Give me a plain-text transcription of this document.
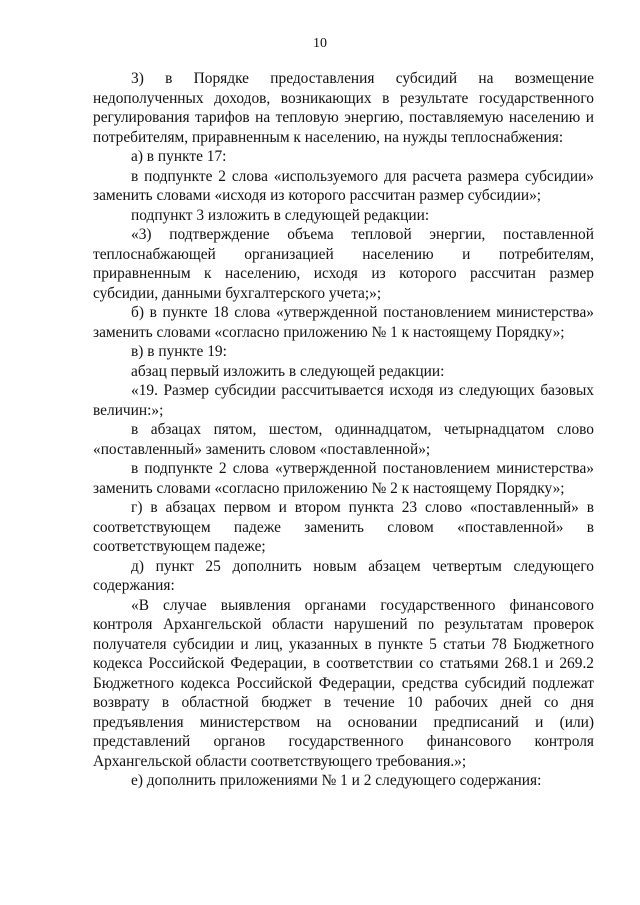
10

3) в Порядке предоставления субсидий на возмещение недополученных доходов, возникающих в результате государственного регулирования тарифов на тепловую энергию, поставляемую населению и потребителям, приравненным к населению, на нужды теплоснабжения:

а) в пункте 17:

в подпункте 2 слова «используемого для расчета размера субсидии» заменить словами «исходя из которого рассчитан размер субсидии»;

подпункт 3 изложить в следующей редакции:

«3) подтверждение объема тепловой энергии, поставленной теплоснабжающей организацией населению и потребителям, приравненным к населению, исходя из которого рассчитан размер субсидии, данными бухгалтерского учета;»;

б) в пункте 18 слова «утвержденной постановлением министерства» заменить словами «согласно приложению № 1 к настоящему Порядку»;

в) в пункте 19:

абзац первый изложить в следующей редакции:

«19. Размер субсидии рассчитывается исходя из следующих базовых величин:»;

в абзацах пятом, шестом, одиннадцатом, четырнадцатом слово «поставленный» заменить словом «поставленной»;

в подпункте 2 слова «утвержденной постановлением министерства» заменить словами «согласно приложению № 2 к настоящему Порядку»;

г) в абзацах первом и втором пункта 23 слово «поставленный» в соответствующем падеже заменить словом «поставленной» в соответствующем падеже;

д) пункт 25 дополнить новым абзацем четвертым следующего содержания:

«В случае выявления органами государственного финансового контроля Архангельской области нарушений по результатам проверок получателя субсидии и лиц, указанных в пункте 5 статьи 78 Бюджетного кодекса Российской Федерации, в соответствии со статьями 268.1 и 269.2 Бюджетного кодекса Российской Федерации, средства субсидий подлежат возврату в областной бюджет в течение 10 рабочих дней со дня предъявления министерством на основании предписаний и (или) представлений органов государственного финансового контроля Архангельской области соответствующего требования.»;

е) дополнить приложениями № 1 и 2 следующего содержания:
